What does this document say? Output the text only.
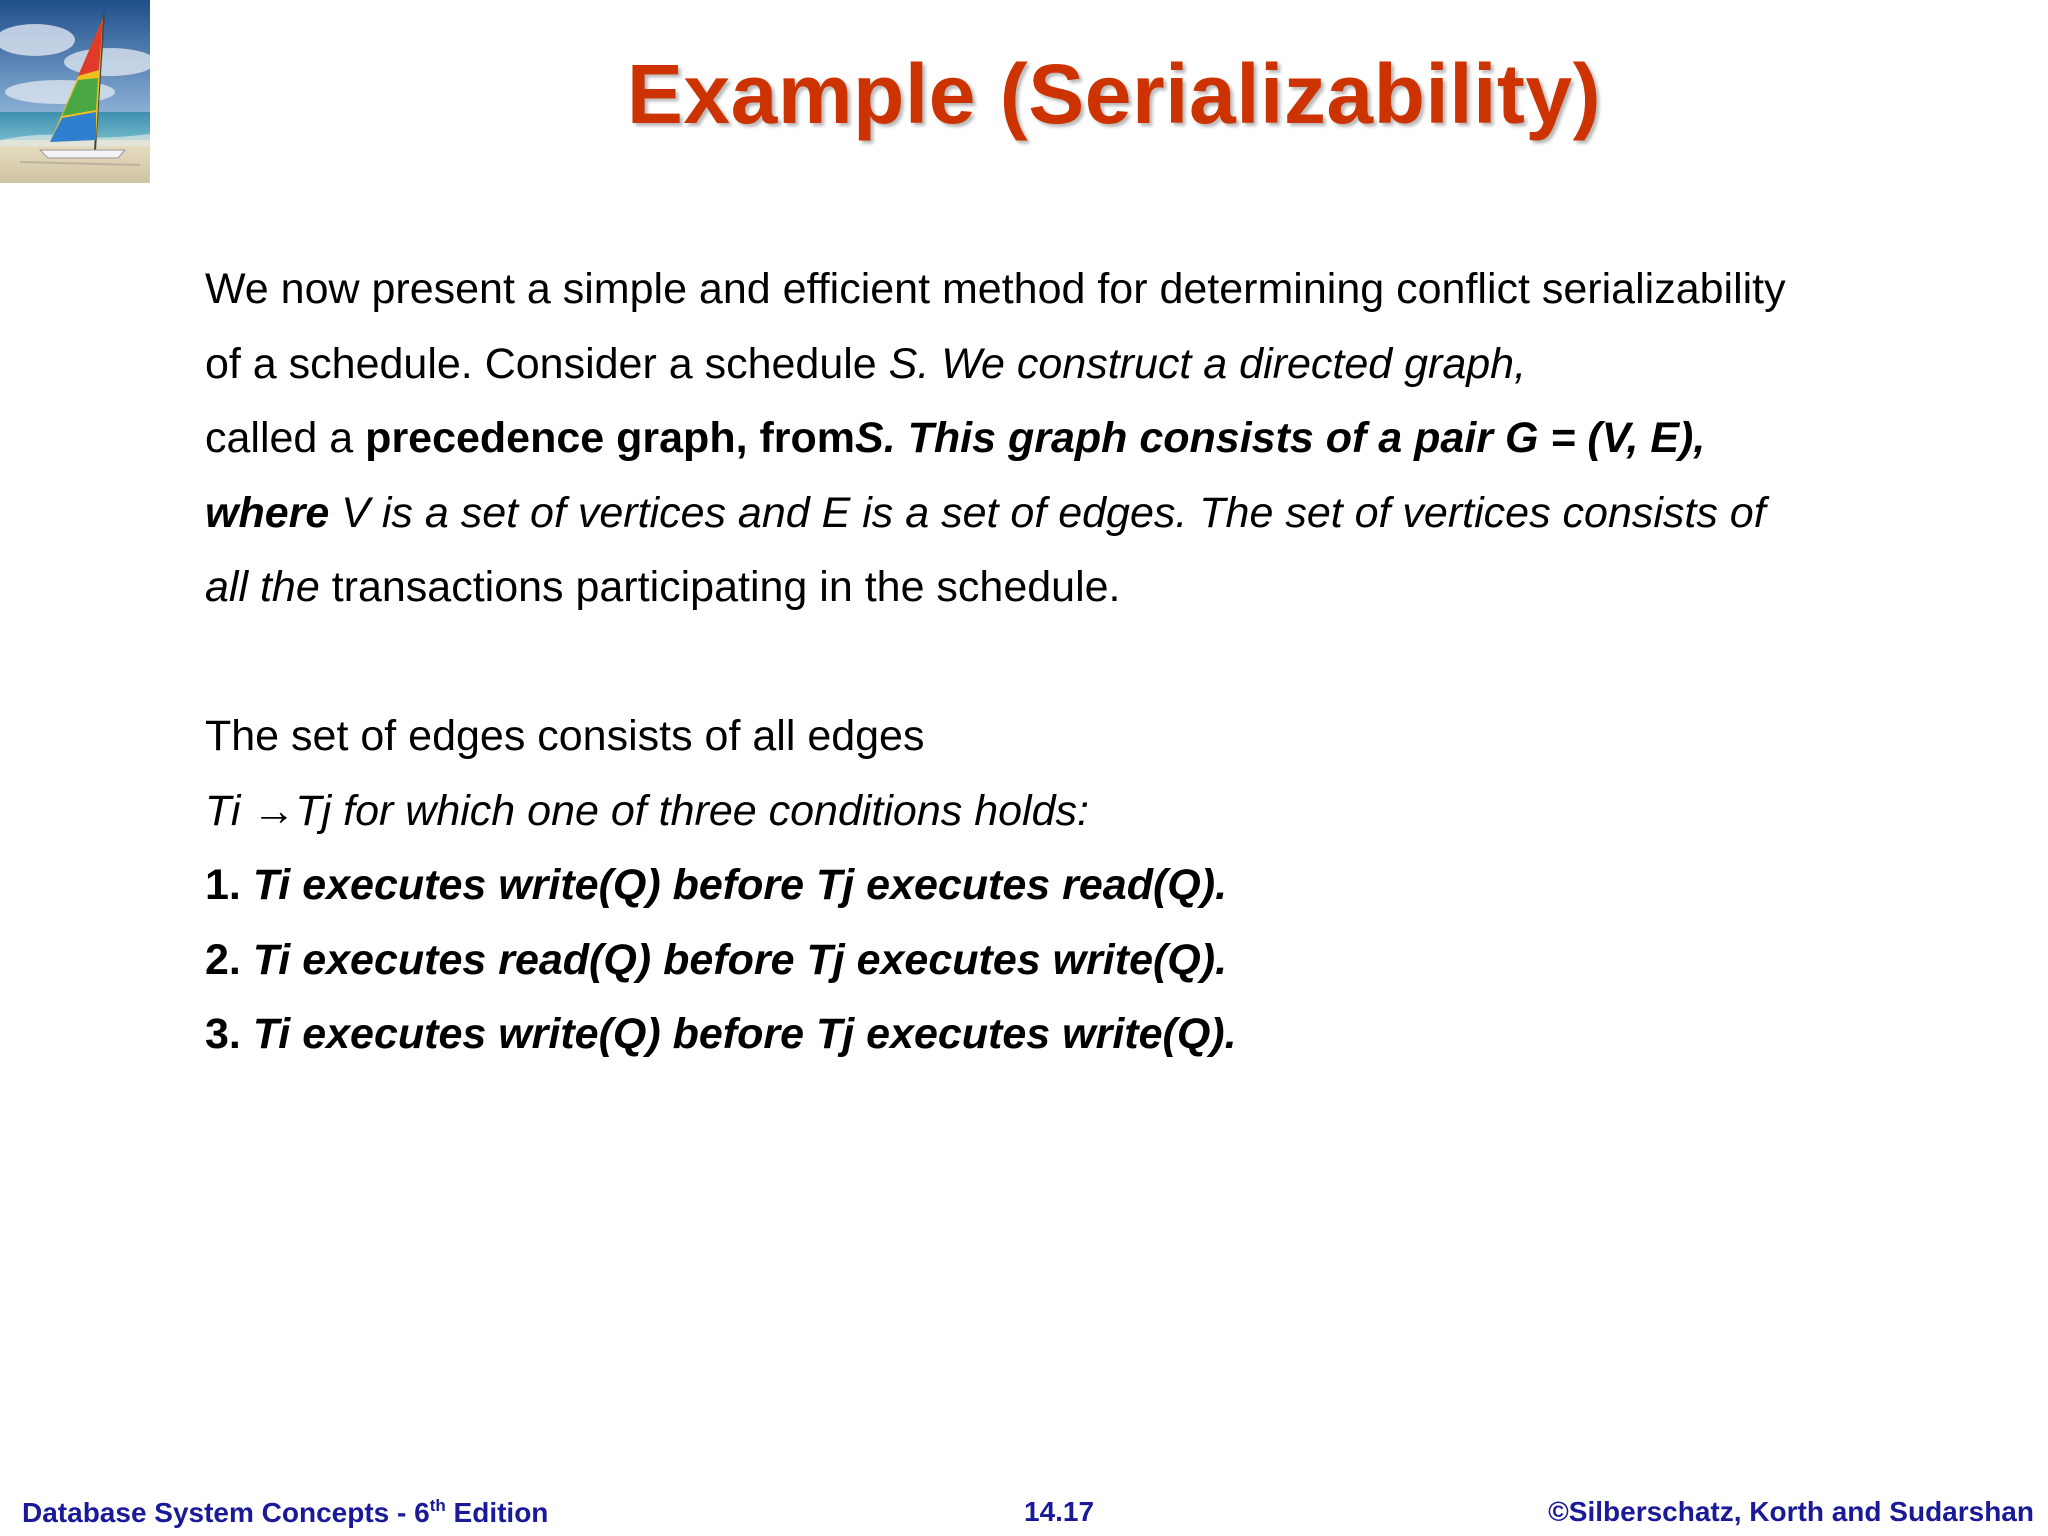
Example (Serializability)
We now present a simple and efficient method for determining conflict serializability
of a schedule. Consider a schedule S. We construct a directed graph,
called a precedence graph, fromS. This graph consists of a pair G = (V, E),
where V is a set of vertices and E is a set of edges. The set of vertices consists of
all the transactions participating in the schedule.
The set of edges consists of all edges
Ti →Tj for which one of three conditions holds:
1. Ti executes write(Q) before Tj executes read(Q).
2. Ti executes read(Q) before Tj executes write(Q).
3. Ti executes write(Q) before Tj executes write(Q).
Database System Concepts - 6th Edition	14.17	©Silberschatz, Korth and Sudarshan
